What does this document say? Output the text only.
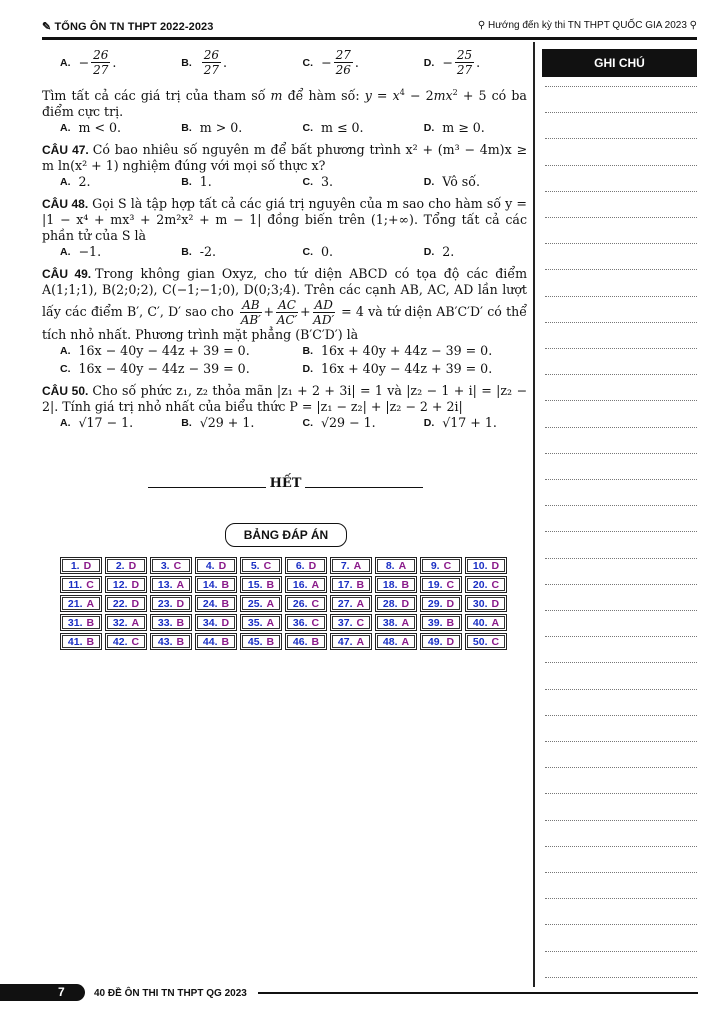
✎ TỔNG ÔN TN THPT 2022-2023	⚲ Hướng đến kỳ thi TN THPT QUỐC GIA 2023 ⚲
A. − $\frac{26}{27}$ .	B. $\frac{26}{27}$ .	C. − $\frac{27}{26}$ .	D. − $\frac{25}{27}$ .
Tìm tất cả các giá trị của tham số m để hàm số: $y = x^4 - 2mx^2 + 5$ có ba điểm cực trị.
A. m < 0.	B. m > 0.	C. m ≤ 0.	D. m ≥ 0.
CÂU 47. Có bao nhiêu số nguyên m để bất phương trình x² + (m³ − 4m)x ≥ m ln(x² + 1) nghiệm đúng với mọi số thực x?
A. 2.	B. 1.	C. 3.	D. Vô số.
CÂU 48. Gọi S là tập hợp tất cả các giá trị nguyên của m sao cho hàm số y = |1 − x⁴ + mx³ + 2m²x² + m − 1| đồng biến trên (1;+∞). Tổng tất cả các phần tử của S là
A. −1.	B. -2.	C. 0.	D. 2.
CÂU 49. Trong không gian Oxyz, cho tứ diện ABCD có tọa độ các điểm A(1;1;1), B(2;0;2), C(−1;−1;0), D(0;3;4). Trên các cạnh AB, AC, AD lần lượt lấy các điểm B′, C′, D′ sao cho $\frac{AB}{AB'} + \frac{AC}{AC'} + \frac{AD}{AD'} = 4$ và tứ diện AB′C′D′ có thể tích nhỏ nhất. Phương trình mặt phẳng (B′C′D′) là
A. 16x − 40y − 44z + 39 = 0.	B. 16x + 40y + 44z − 39 = 0.
C. 16x − 40y − 44z − 39 = 0.	D. 16x + 40y − 44z + 39 = 0.
CÂU 50. Cho số phức z₁, z₂ thỏa mãn |z₁ + 2 + 3i| = 1 và |z₂ − 1 + i| = |z₂ − 2|. Tính giá trị nhỏ nhất của biểu thức P = |z₁ − z₂| + |z₂ − 2 + 2i|
A. √17 − 1.	B. √29 + 1.	C. √29 − 1.	D. √17 + 1.
HẾT
BẢNG ĐÁP ÁN
1. D 2. D 3. C 4. D 5. C 6. D 7. A 8. A 9. C 10. D
11. C 12. D 13. A 14. B 15. B 16. A 17. B 18. B 19. C 20. C
21. A 22. D 23. D 24. B 25. A 26. C 27. A 28. D 29. D 30. D
31. B 32. A 33. B 34. D 35. A 36. C 37. C 38. A 39. B 40. A
41. B 42. C 43. B 44. B 45. B 46. B 47. A 48. A 49. D 50. C
GHI CHÚ
7	40 ĐỀ ÔN THI TN THPT QG 2023
